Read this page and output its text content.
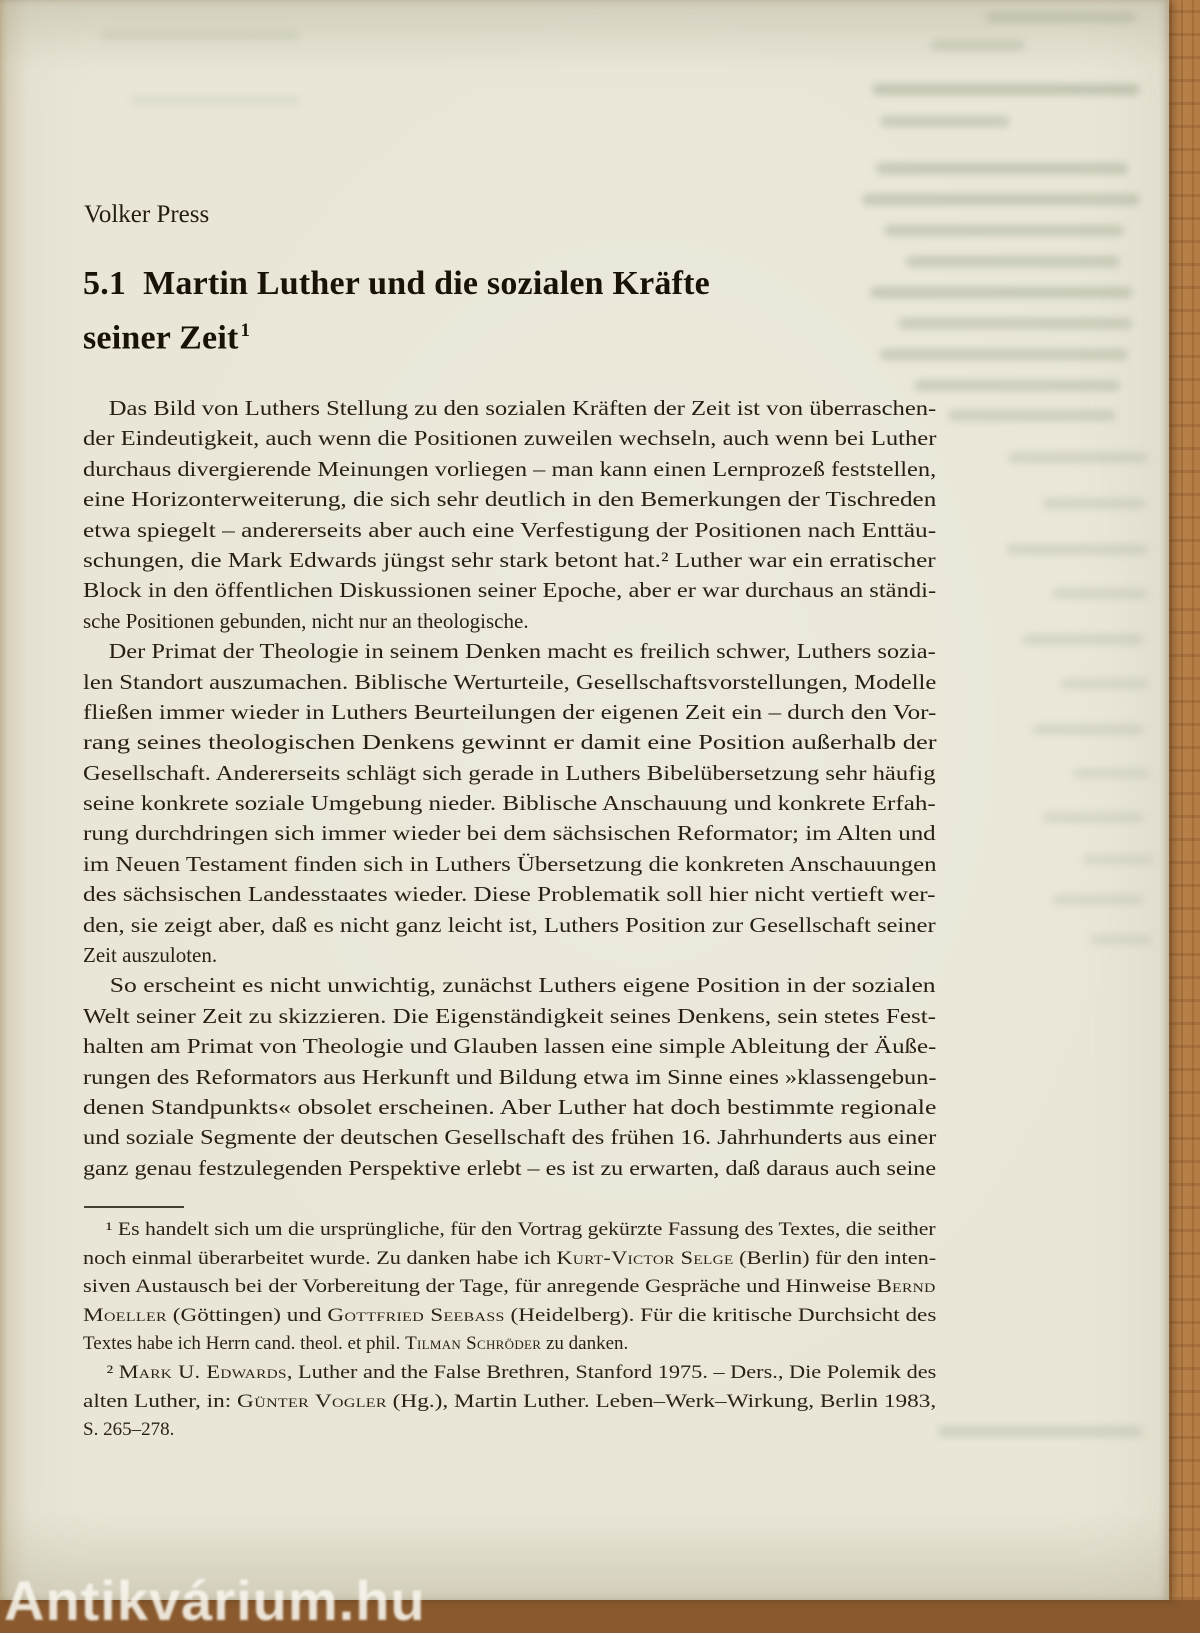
Volker Press
5.1 Martin Luther und die sozialen Kräfte
seiner Zeit $^1$
Das Bild von Luthers Stellung zu den sozialen Kräften der Zeit ist von überraschen-
der Eindeutigkeit, auch wenn die Positionen zuweilen wechseln, auch wenn bei Luther
durchaus divergierende Meinungen vorliegen – man kann einen Lernprozeß feststellen,
eine Horizonterweiterung, die sich sehr deutlich in den Bemerkungen der Tischreden
etwa spiegelt – andererseits aber auch eine Verfestigung der Positionen nach Enttäu-
schungen, die Mark Edwards jüngst sehr stark betont hat.² Luther war ein erratischer
Block in den öffentlichen Diskussionen seiner Epoche, aber er war durchaus an ständi-
sche Positionen gebunden, nicht nur an theologische.
Der Primat der Theologie in seinem Denken macht es freilich schwer, Luthers sozia-
len Standort auszumachen. Biblische Werturteile, Gesellschaftsvorstellungen, Modelle
fließen immer wieder in Luthers Beurteilungen der eigenen Zeit ein – durch den Vor-
rang seines theologischen Denkens gewinnt er damit eine Position außerhalb der
Gesellschaft. Andererseits schlägt sich gerade in Luthers Bibelübersetzung sehr häufig
seine konkrete soziale Umgebung nieder. Biblische Anschauung und konkrete Erfah-
rung durchdringen sich immer wieder bei dem sächsischen Reformator; im Alten und
im Neuen Testament finden sich in Luthers Übersetzung die konkreten Anschauungen
des sächsischen Landesstaates wieder. Diese Problematik soll hier nicht vertieft wer-
den, sie zeigt aber, daß es nicht ganz leicht ist, Luthers Position zur Gesellschaft seiner
Zeit auszuloten.
So erscheint es nicht unwichtig, zunächst Luthers eigene Position in der sozialen
Welt seiner Zeit zu skizzieren. Die Eigenständigkeit seines Denkens, sein stetes Fest-
halten am Primat von Theologie und Glauben lassen eine simple Ableitung der Äuße-
rungen des Reformators aus Herkunft und Bildung etwa im Sinne eines »klassengebun-
denen Standpunkts« obsolet erscheinen. Aber Luther hat doch bestimmte regionale
und soziale Segmente der deutschen Gesellschaft des frühen 16. Jahrhunderts aus einer
ganz genau festzulegenden Perspektive erlebt – es ist zu erwarten, daß daraus auch seine
¹ Es handelt sich um die ursprüngliche, für den Vortrag gekürzte Fassung des Textes, die seither
noch einmal überarbeitet wurde. Zu danken habe ich Kurt-Victor Selge (Berlin) für den inten-
siven Austausch bei der Vorbereitung der Tage, für anregende Gespräche und Hinweise Bernd
Moeller (Göttingen) und Gottfried Seebass (Heidelberg). Für die kritische Durchsicht des
Textes habe ich Herrn cand. theol. et phil. Tilman Schröder zu danken.
² Mark U. Edwards, Luther and the False Brethren, Stanford 1975. – Ders., Die Polemik des
alten Luther, in: Günter Vogler (Hg.), Martin Luther. Leben–Werk–Wirkung, Berlin 1983,
S. 265–278.
Antikvárium.hu
